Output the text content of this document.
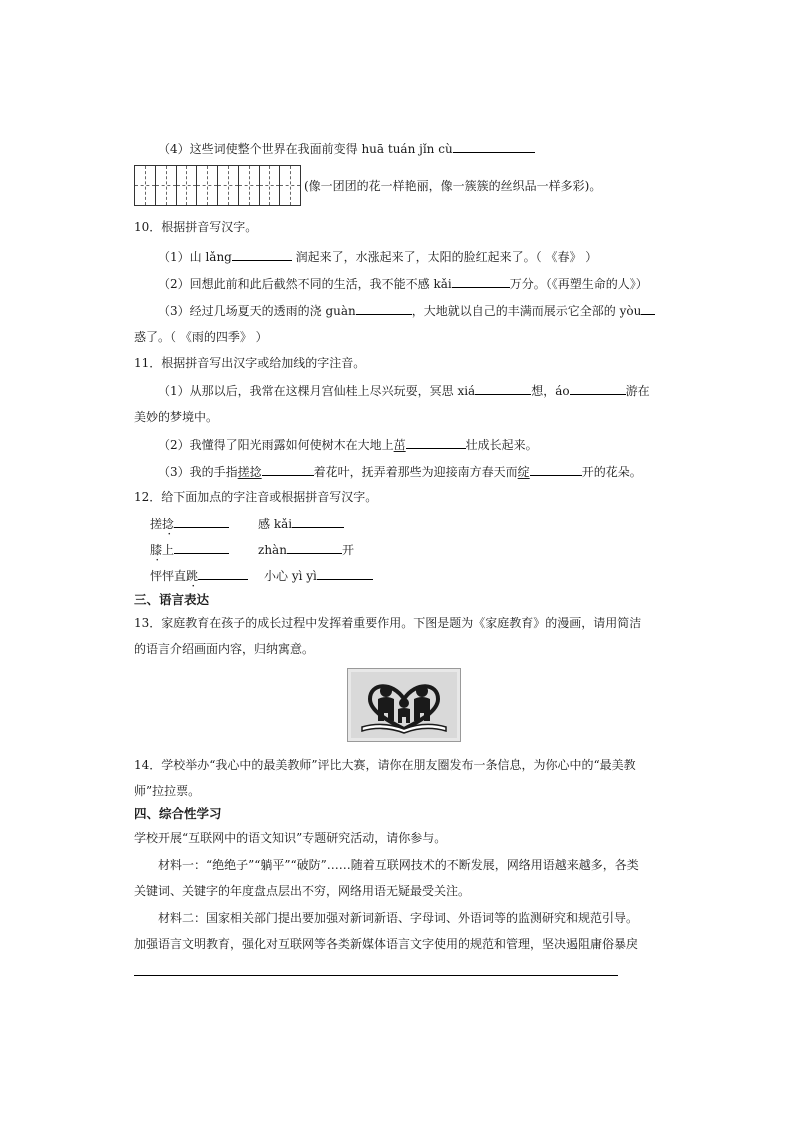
（4）这些词使整个世界在我面前变得 huā tuán jǐn cù
(像一团团的花一样艳丽，像一簇簇的丝织品一样多彩)。
10．根据拼音写汉字。
（1）山 lǎng	润起来了，水涨起来了，太阳的脸红起来了。（ 《春》 ）
（2）回想此前和此后截然不同的生活，我不能不感 kǎi	万分。（《再塑生命的人》）
（3）经过几场夏天的透雨的浇 guàn	，大地就以自己的丰满而展示它全部的 yòu
惑了。（ 《雨的四季》 ）
11．根据拼音写出汉字或给加线的字注音。
（1）从那以后，我常在这棵月宫仙桂上尽兴玩耍，冥思 xiá	想，áo	游在
美妙的梦境中。
（2）我懂得了阳光雨露如何使树木在大地上茁	壮成长起来。
（3）我的手指搓捻	着花叶，抚弄着那些为迎接南方春天而绽	开的花朵。
12．给下面加点的字注音或根据拼音写汉字。
搓捻	感 kǎi
膝上	zhàn	开
怦怦直跳	小心 yì yì
三、语言表达
13．家庭教育在孩子的成长过程中发挥着重要作用。下图是题为《家庭教育》的漫画，请用简洁
的语言介绍画面内容，归纳寓意。
14．学校举办“我心中的最美教师”评比大赛，请你在朋友圈发布一条信息，为你心中的“最美教
师”拉拉票。
四、综合性学习
学校开展“互联网中的语文知识”专题研究活动，请你参与。
材料一：“绝绝子”“躺平”“破防”……随着互联网技术的不断发展，网络用语越来越多，各类
关键词、关键字的年度盘点层出不穷，网络用语无疑最受关注。
材料二：国家相关部门提出要加强对新词新语、字母词、外语词等的监测研究和规范引导。
加强语言文明教育，强化对互联网等各类新媒体语言文字使用的规范和管理，坚决遏阻庸俗暴戾
